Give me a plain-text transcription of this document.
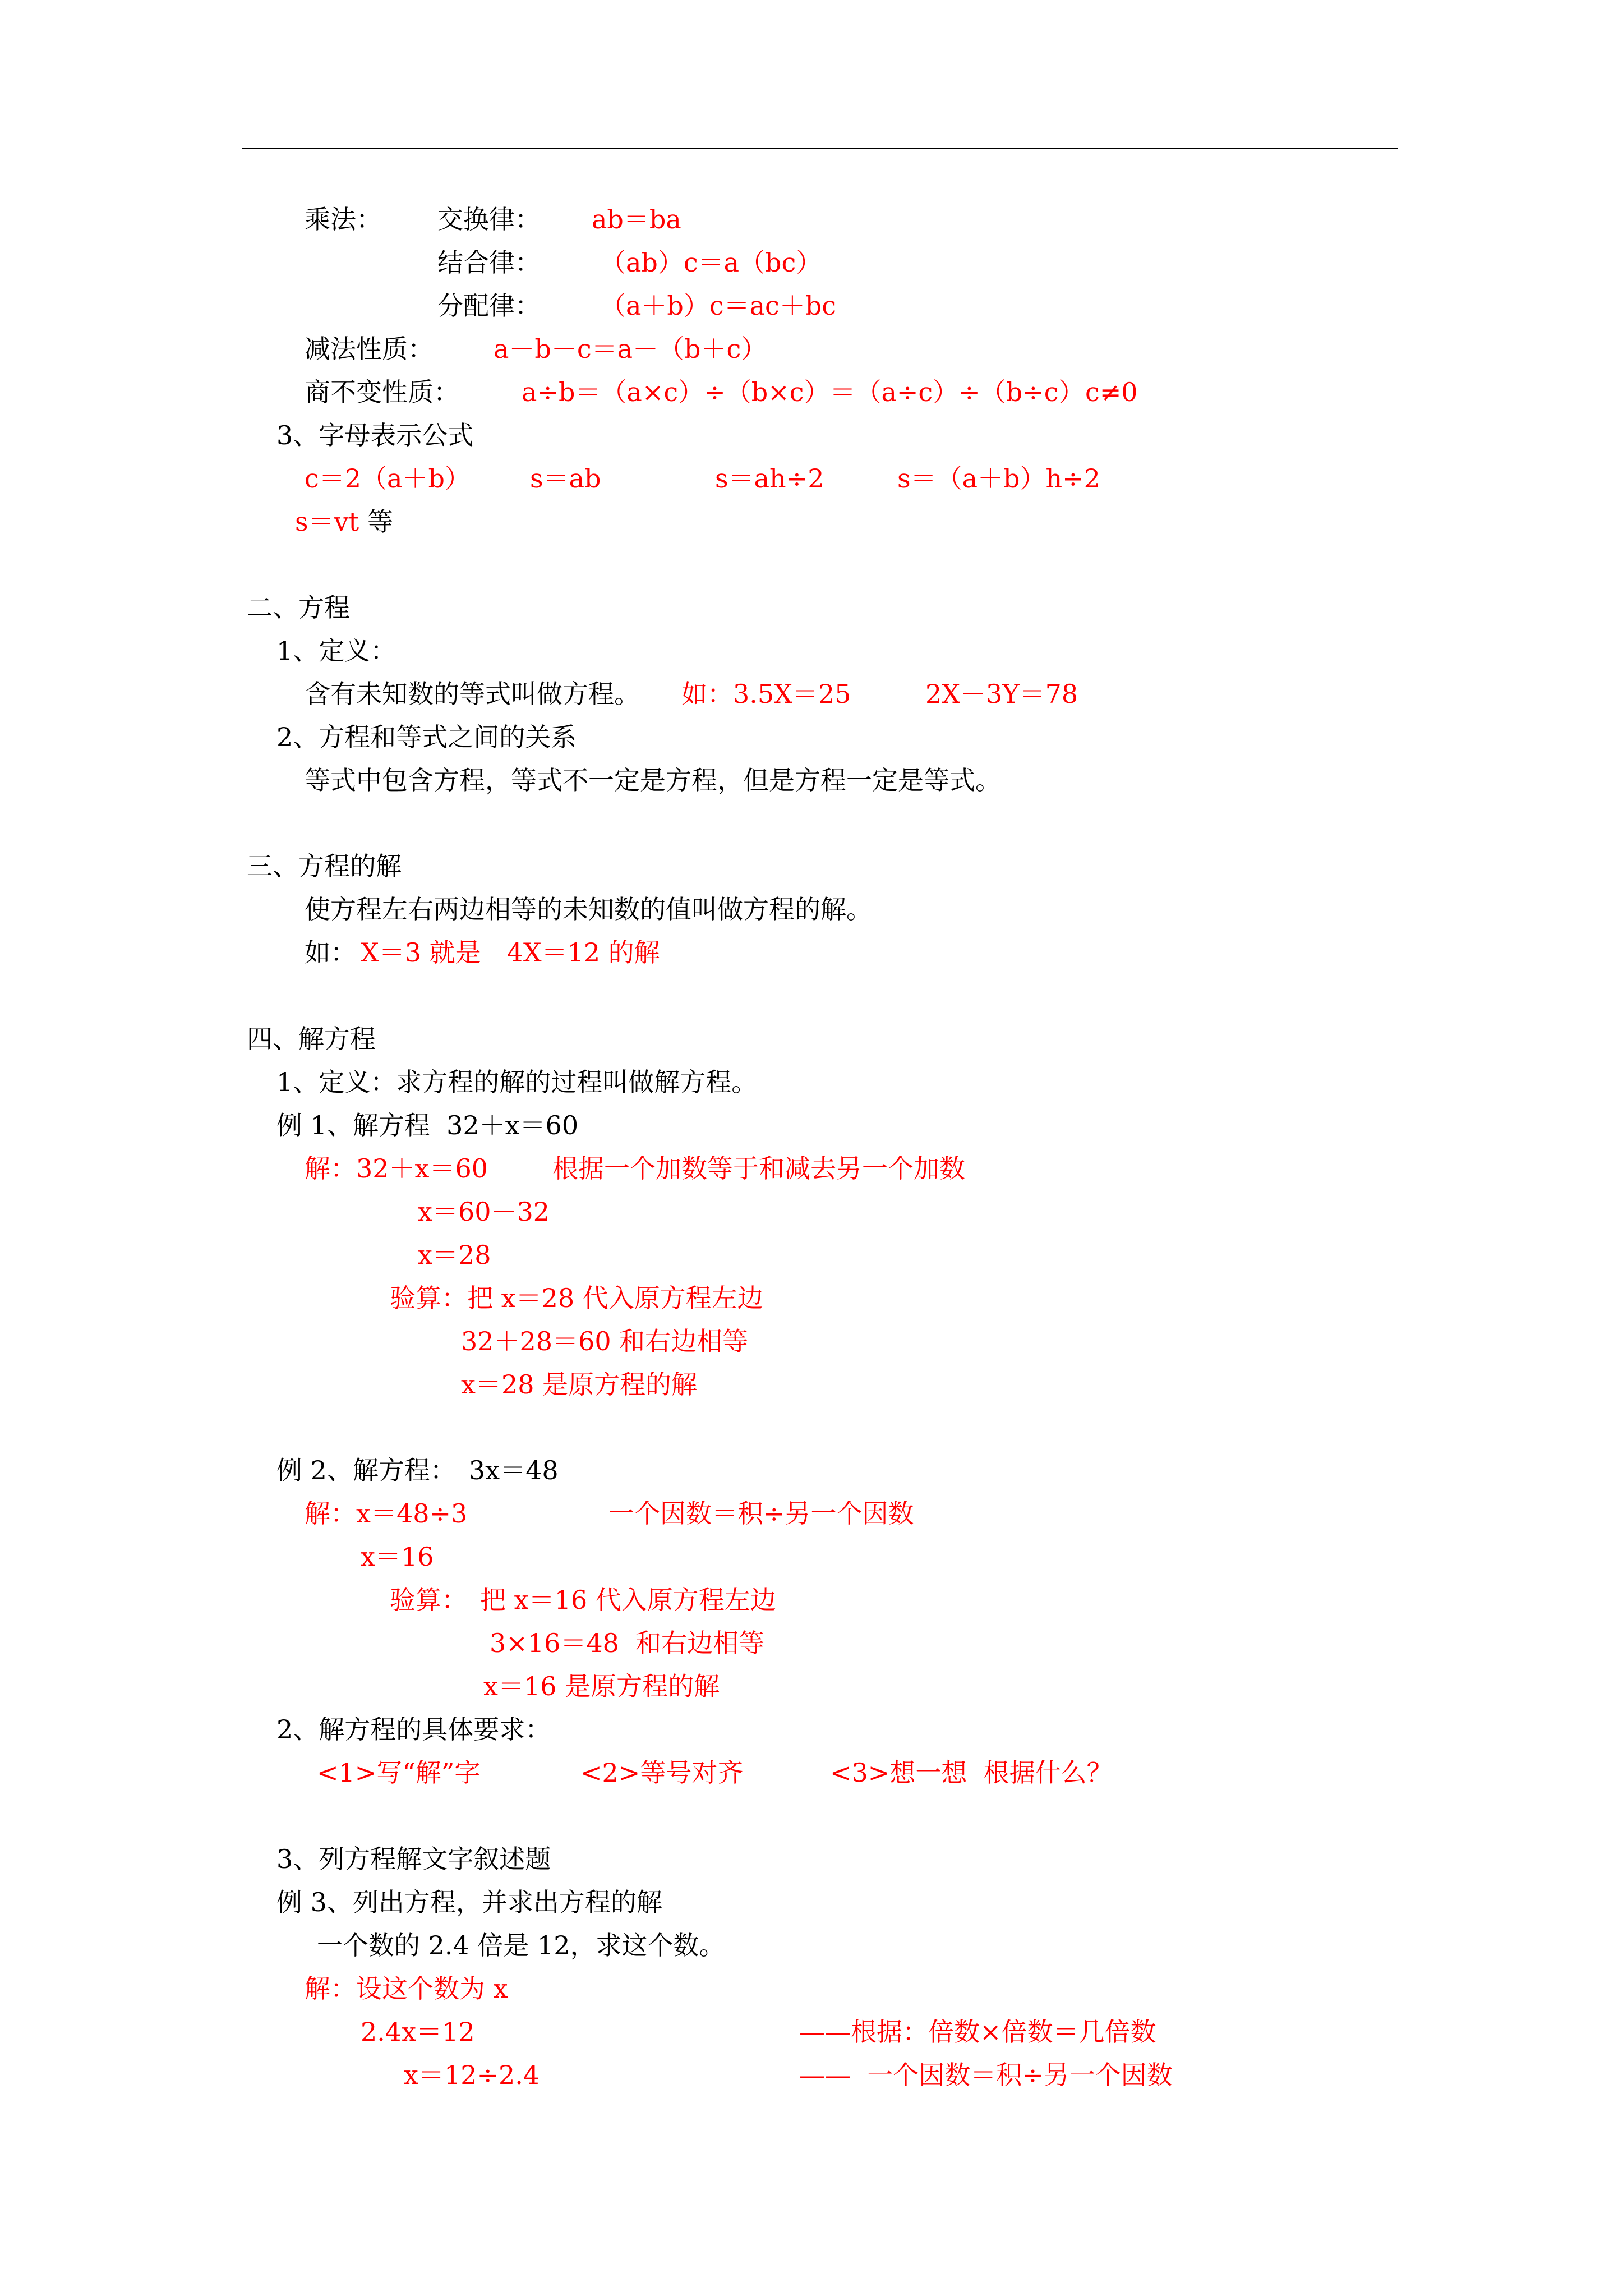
乘法： 交换律： ab＝ba
结合律： （ab）c＝a（bc）
分配律： （a＋b）c＝ac＋bc
减法性质： a－b－c＝a－（b＋c）
商不变性质： a÷b＝（a×c）÷（b×c）＝（a÷c）÷（b÷c） c≠0
3、字母表示公式
c＝2（a＋b） s＝ab	s＝ah÷2	s＝（a＋b）h÷2
s＝vt 等
二、方程
1、定义：
含有未知数的等式叫做方程。 如：3.5X＝25	2X－3Y＝78
2、方程和等式之间的关系
等式中包含方程，等式不一定是方程，但是方程一定是等式。
三、方程的解
使方程左右两边相等的未知数的值叫做方程的解。
如： X＝3 就是　4X＝12 的解
四、解方程
1、定义：求方程的解的过程叫做解方程。
例 1、解方程  32＋x＝60
解：32＋x＝60 根据一个加数等于和减去另一个加数
x＝60－32
x＝28
验算：把 x＝28 代入原方程左边
32＋28＝60 和右边相等
x＝28 是原方程的解
例 2、解方程：　3x＝48
解：x＝48÷3	一个因数＝积÷另一个因数
x＝16
验算：　把 x＝16 代入原方程左边
3×16＝48  和右边相等
x＝16 是原方程的解
2、解方程的具体要求：
<1>写“解”字	<2>等号对齐	<3>想一想  根据什么？
3、列方程解文字叙述题
例 3、列出方程，并求出方程的解
一个数的 2.4 倍是 12，求这个数。
解：设这个数为 x
2.4x＝12	——根据：倍数×倍数＝几倍数
x＝12÷2.4	——  一个因数＝积÷另一个因数
